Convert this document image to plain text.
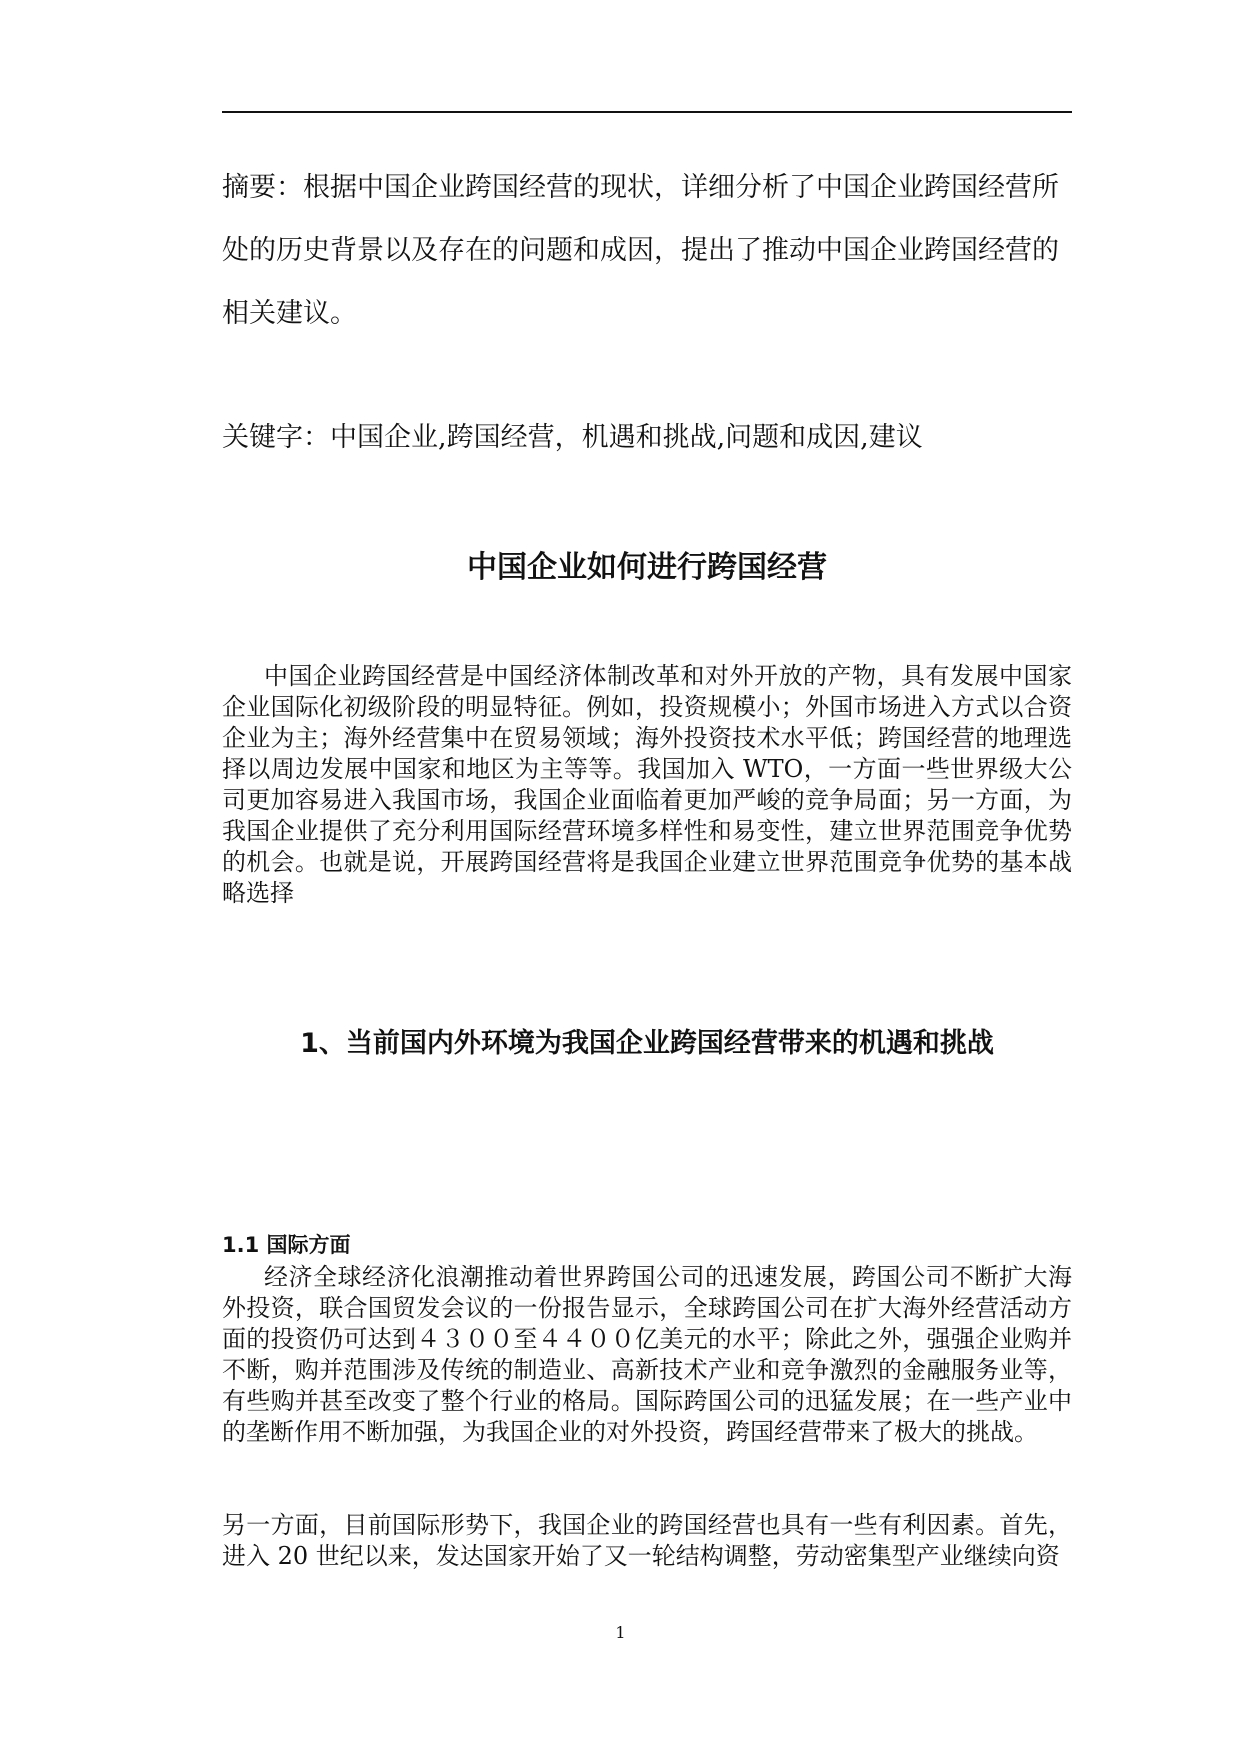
摘要：根据中国企业跨国经营的现状，详细分析了中国企业跨国经营所处的历史背景以及存在的问题和成因，提出了推动中国企业跨国经营的相关建议。

关键字：中国企业,跨国经营，机遇和挑战,问题和成因,建议

中国企业如何进行跨国经营

中国企业跨国经营是中国经济体制改革和对外开放的产物，具有发展中国家企业国际化初级阶段的明显特征。例如，投资规模小；外国市场进入方式以合资企业为主；海外经营集中在贸易领域；海外投资技术水平低；跨国经营的地理选择以周边发展中国家和地区为主等等。我国加入 WTO，一方面一些世界级大公司更加容易进入我国市场，我国企业面临着更加严峻的竞争局面；另一方面，为我国企业提供了充分利用国际经营环境多样性和易变性，建立世界范围竞争优势的机会。也就是说，开展跨国经营将是我国企业建立世界范围竞争优势的基本战略选择

1、当前国内外环境为我国企业跨国经营带来的机遇和挑战
1.1 国际方面

经济全球经济化浪潮推动着世界跨国公司的迅速发展，跨国公司不断扩大海外投资，联合国贸发会议的一份报告显示，全球跨国公司在扩大海外经营活动方面的投资仍可达到４３００至４４００亿美元的水平；除此之外，强强企业购并不断，购并范围涉及传统的制造业、高新技术产业和竞争激烈的金融服务业等，有些购并甚至改变了整个行业的格局。国际跨国公司的迅猛发展；在一些产业中的垄断作用不断加强，为我国企业的对外投资，跨国经营带来了极大的挑战。

另一方面，目前国际形势下，我国企业的跨国经营也具有一些有利因素。首先，进入 20 世纪以来，发达国家开始了又一轮结构调整，劳动密集型产业继续向资

1
